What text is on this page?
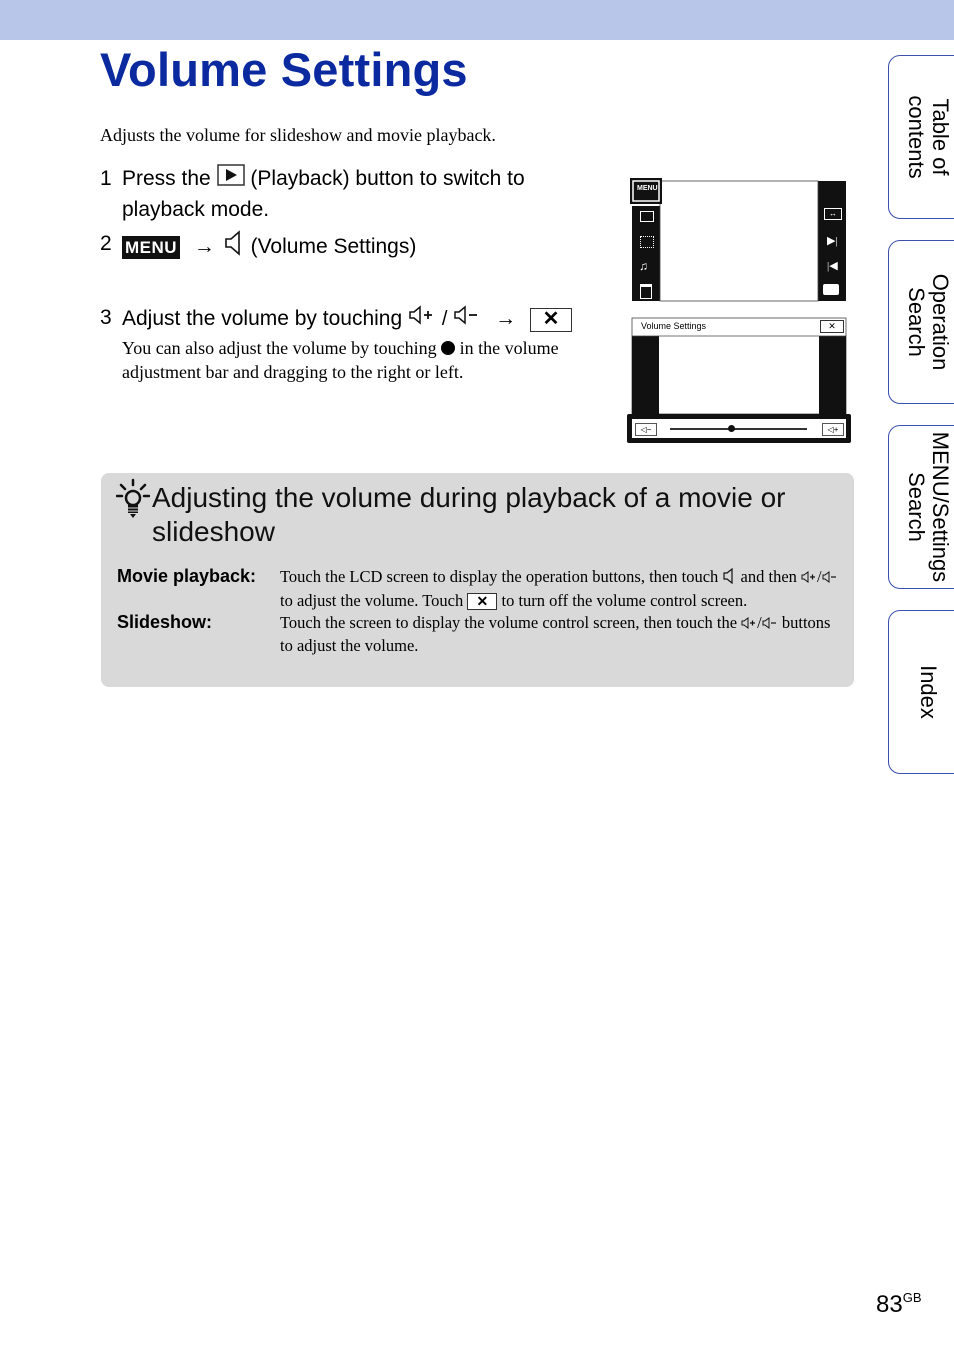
Volume Settings
Adjusts the volume for slideshow and movie playback.
1 Press the (Playback) button to switch to
playback mode.
2 MENU → (Volume Settings)
3 Adjust the volume by touching / → ✕
You can also adjust the volume by touching in the volume adjustment bar and dragging to the right or left.
MENU
♫
↔
▶|
|◀
Volume Settings	✕
◁−	◁+
Adjusting the volume during playback of a movie or slideshow
Movie playback: Touch the LCD screen to display the operation buttons, then touch and then / to adjust the volume. Touch ✕ to turn off the volume control screen.
Slideshow:	Touch the screen to display the volume control screen, then touch the / buttons to adjust the volume.
Table of
contents
Operation
Search
MENU/Settings
Search
Index
$83^{GB}$
